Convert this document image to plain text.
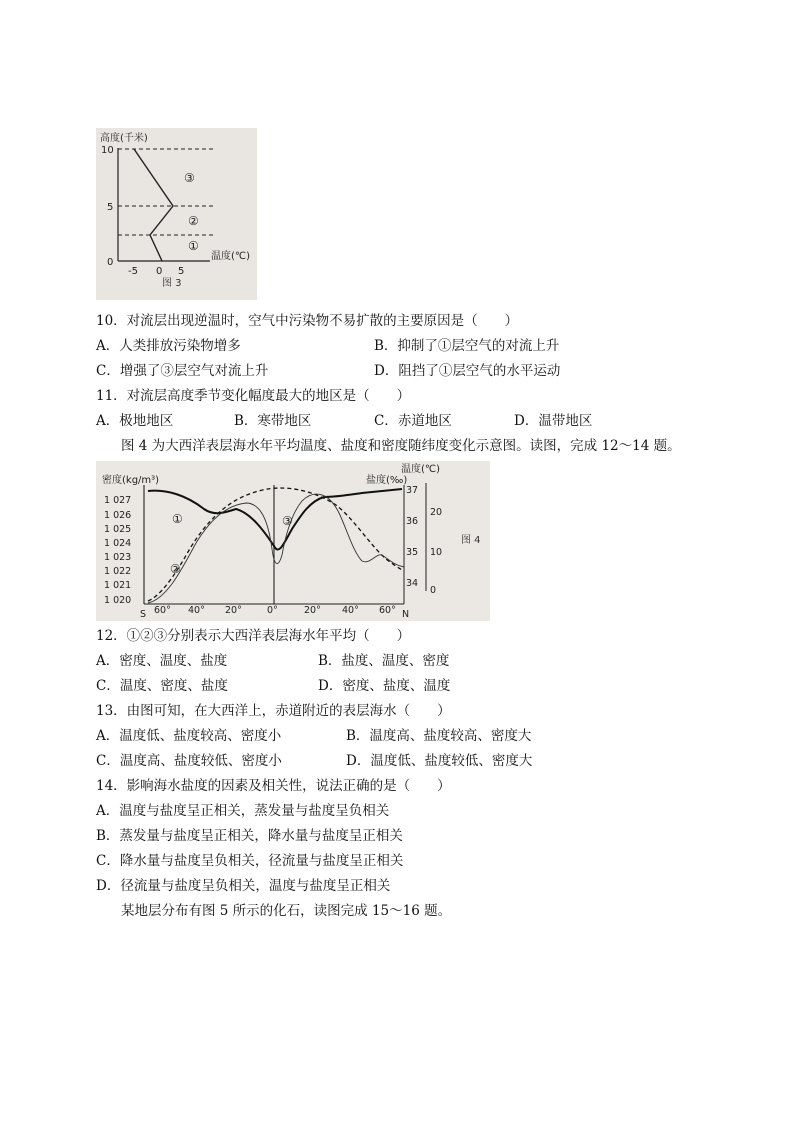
高度(千米)
10
5
0
-5 0 5
温度(℃)
③
②
①
图 3
10．对流层出现逆温时，空气中污染物不易扩散的主要原因是（　　）
A．人类排放污染物增多	B．抑制了①层空气的对流上升
C．增强了③层空气对流上升	D．阻挡了①层空气的水平运动
11．对流层高度季节变化幅度最大的地区是（　　）
A．极地地区	B．寒带地区	C．赤道地区	D．温带地区
图 4 为大西洋表层海水年平均温度、盐度和密度随纬度变化示意图。读图，完成 12～14 题。
密度(kg/m³)	盐度(‰)
温度(℃)
1 027
1 026
1 025
1 024
1 023
1 022
1 021
1 020
37
36
35
34
20
10
0
S 60° 40° 20°	0°	20° 40° 60° N
①
②
③
图 4
12．①②③分别表示大西洋表层海水年平均（　　）
A．密度、温度、盐度	B．盐度、温度、密度
C．温度、密度、盐度	D．密度、盐度、温度
13．由图可知，在大西洋上，赤道附近的表层海水（　　）
A．温度低、盐度较高、密度小	B．温度高、盐度较高、密度大
C．温度高、盐度较低、密度小	D．温度低、盐度较低、密度大
14．影响海水盐度的因素及相关性，说法正确的是（　　）
A．温度与盐度呈正相关，蒸发量与盐度呈负相关
B．蒸发量与盐度呈正相关，降水量与盐度呈正相关
C．降水量与盐度呈负相关，径流量与盐度呈正相关
D．径流量与盐度呈负相关，温度与盐度呈正相关
某地层分布有图 5 所示的化石，读图完成 15～16 题。
